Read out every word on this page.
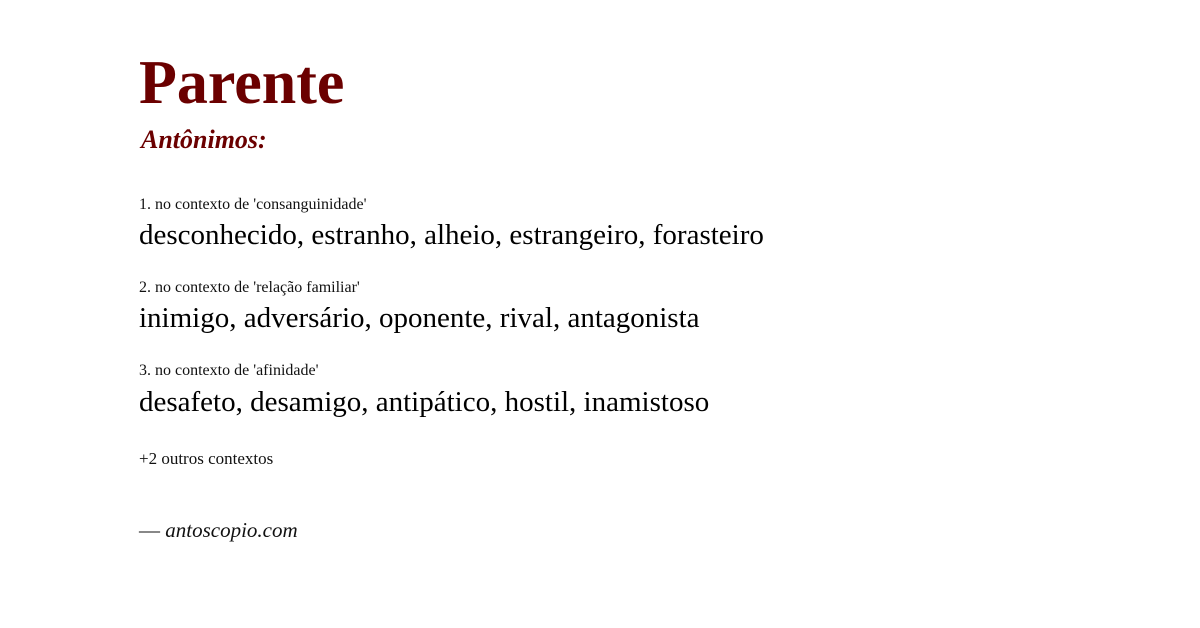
Parente
Antônimos:
1. no contexto de 'consanguinidade'
desconhecido, estranho, alheio, estrangeiro, forasteiro
2. no contexto de 'relação familiar'
inimigo, adversário, oponente, rival, antagonista
3. no contexto de 'afinidade'
desafeto, desamigo, antipático, hostil, inamistoso
+2 outros contextos
— antoscopio.com
